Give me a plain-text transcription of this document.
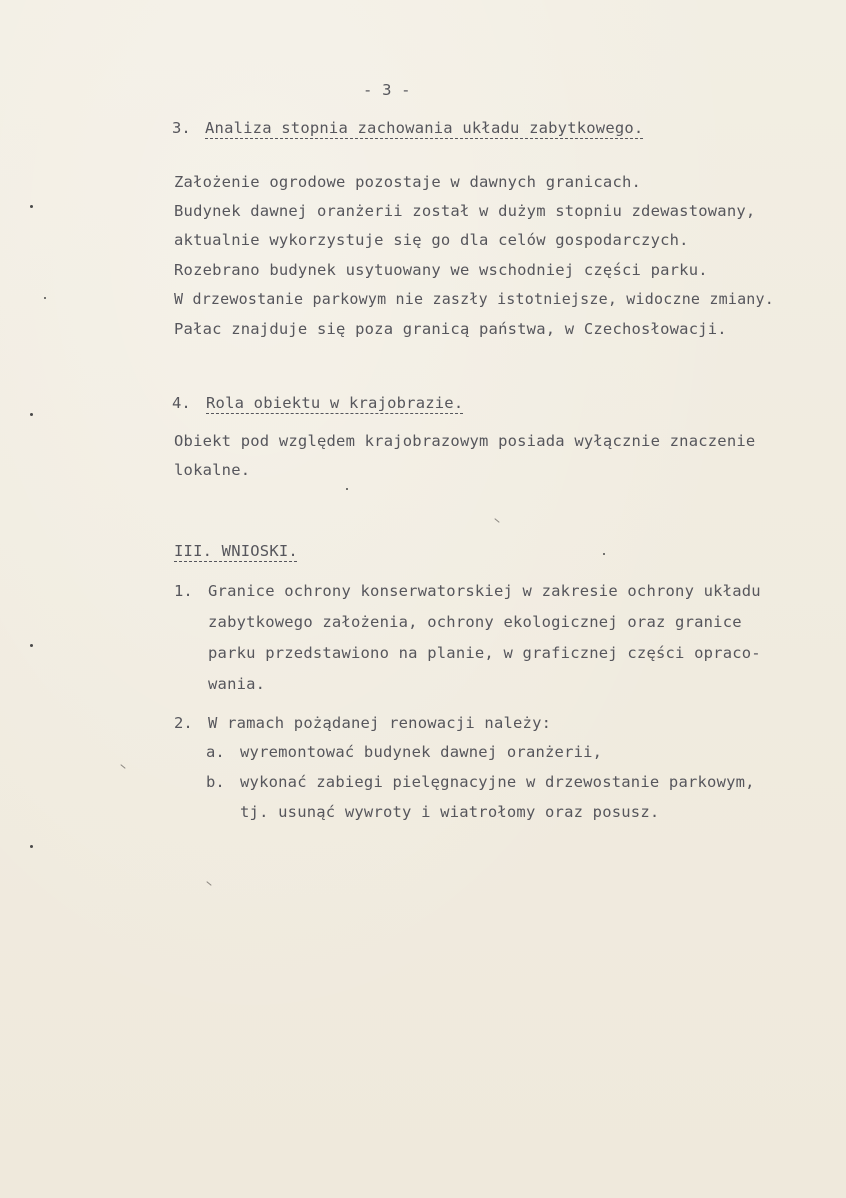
- 3 -
3. Analiza stopnia zachowania układu zabytkowego.
Założenie ogrodowe pozostaje w dawnych granicach.
Budynek dawnej oranżerii został w dużym stopniu zdewastowany,
aktualnie wykorzystuje się go dla celów gospodarczych.
Rozebrano budynek usytuowany we wschodniej części parku.
W drzewostanie parkowym nie zaszły istotniejsze, widoczne zmiany.
Pałac znajduje się poza granicą państwa, w Czechosłowacji.
4. Rola obiektu w krajobrazie.
Obiekt pod względem krajobrazowym posiada wyłącznie znaczenie
lokalne.
III. WNIOSKI.
1. Granice ochrony konserwatorskiej w zakresie ochrony układu
zabytkowego założenia, ochrony ekologicznej oraz granice
parku przedstawiono na planie, w graficznej części opraco-
wania.
2. W ramach pożądanej renowacji należy:
a. wyremontować budynek dawnej oranżerii,
b. wykonać zabiegi pielęgnacyjne w drzewostanie parkowym,
tj. usunąć wywroty i wiatrołomy oraz posusz.
